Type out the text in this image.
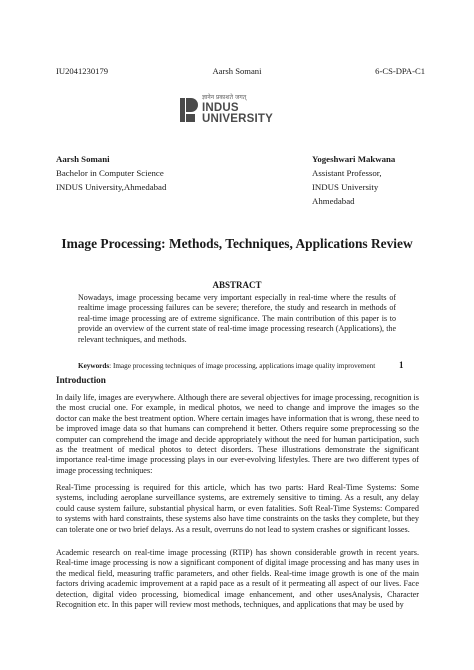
IU2041230179	Aarsh Somani	6-CS-DPA-C1
ज्ञानेन प्रकाशते जगत्
INDUS
UNIVERSITY
Aarsh Somani
Bachelor in Computer Science
INDUS University,Ahmedabad
Yogeshwari Makwana
Assistant Professor,
INDUS University
Ahmedabad
Image Processing: Methods, Techniques, Applications Review
ABSTRACT
Nowadays, image processing became very important especially in real-time where the results of realtime image processing failures can be severe; therefore, the study and research in methods of real-time image processing are of extreme significance. The main contribution of this paper is to provide an overview of the current state of real-time image processing research (Applications), the relevant techniques, and methods.
Keywords: Image processing techniques of image processing, applications image quality improvement	1
Introduction
In daily life, images are everywhere. Although there are several objectives for image processing, recognition is the most crucial one. For example, in medical photos, we need to change and improve the images so the doctor can make the best treatment option. Where certain images have information that is wrong, these need to be improved image data so that humans can comprehend it better. Others require some preprocessing so the computer can comprehend the image and decide appropriately without the need for human participation, such as the treatment of medical photos to detect disorders. These illustrations demonstrate the significant importance real-time image processing plays in our ever-evolving lifestyles. There are two different types of image processing techniques:
Real-Time processing is required for this article, which has two parts: Hard Real-Time Systems: Some systems, including aeroplane surveillance systems, are extremely sensitive to timing. As a result, any delay could cause system failure, substantial physical harm, or even fatalities. Soft Real-Time Systems: Compared to systems with hard constraints, these systems also have time constraints on the tasks they complete, but they can tolerate one or two brief delays. As a result, overruns do not lead to system crashes or significant losses.
Academic research on real-time image processing (RTIP) has shown considerable growth in recent years. Real-time image processing is now a significant component of digital image processing and has many uses in the medical field, measuring traffic parameters, and other fields. Real-time image growth is one of the main factors driving academic improvement at a rapid pace as a result of it permeating all aspect of our lives. Face detection, digital video processing, biomedical image enhancement, and other usesAnalysis, Character Recognition etc. In this paper will review most methods, techniques, and applications that may be used by
